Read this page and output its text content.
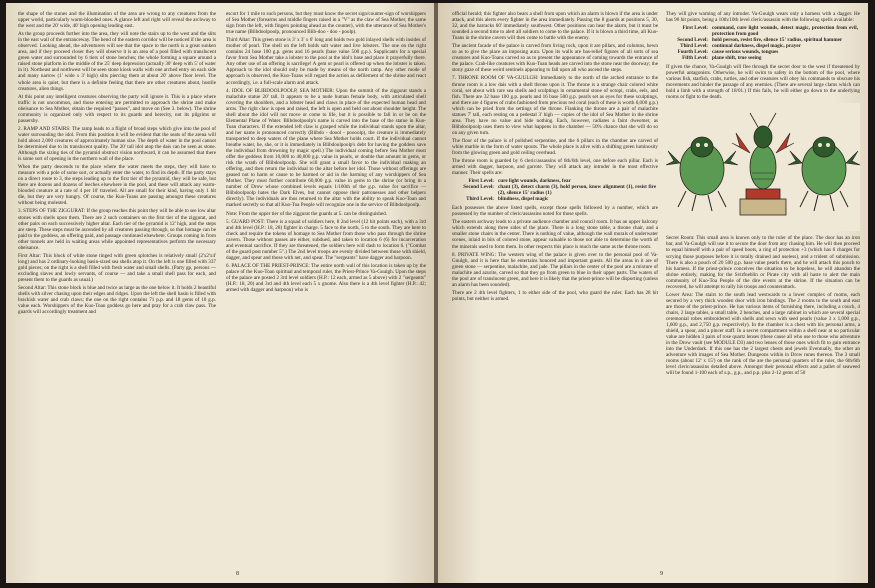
the shape of the stones and the illumination of the area are wrong to any creatures from the upper world, particularly warm-blooded ones. A glance left and right will reveal the archway to the west and the 20' wide, 40' high opening leading east.

As the group proceeds further into the area, they will note the stairs up to the west and the slits in the east wall of the entranceway. The bend of the eastern corridor will be noticed if the area is observed. Looking ahead, the adventurers will see that the space to the north is a great sunken area, and if they proceed closer they will observe it is an area of a pool filled with translucent green water and surrounded by 6 tiers of stone benches; the whole forming a square around a raised stone platform in the middle of the 25' deep depression (actually 30' deep with 5' of water in it). Northeast and northwest will be seen stone kiosk walls with one arched entry on each side and many narrow (1' wide x 3' high) slits piercing them at about 20' above floor level. The whole area is quiet, but there is a definite feeling that there are other creatures about, hostile creatures, alien things.

At this point any intelligent creatures observing the party will ignore it. This is a place where traffic is not uncommon, and those entering are permitted to approach the shrine and make obeisance to Sea Mother, obtain the required "passes", and move on (See 3. below). The shrine community is organized only with respect to its guards and herecity, not its pilgrims or passersby.

2. RAMP AND STAIRS: The ramp leads to a flight of broad steps which give into the pool of water surrounding the idol. From this position it will be evident that the seats of the arena will hold about 2,000 creatures of approximately human size. The depth of water in the pool cannot be determined due to its translucent quality. The 20' tall idol atop the dais can be seen as stone. Although the sizing ties of the pyramid obstruct vision northward, it can be assumed that there is some sort of opening in the northern wall of the place.

When the party descends to the place where the water meets the steps, they will have to measure with a pole of some sort, or actually enter the water, to find its depth. If the party stays on a direct route to 3, the steps leading up to the first tier of the pyramid, they will be safe, but there are dozens and dozens of leeches elsewhere in the pool, and these will attack any warm-blooded creature at a rate of 4 per 10' traveled. All are small for their kind, having only 1 hit die, but they are very hungry. Of course, the Kuo-Toans are passing amongst these creatures without being molested.

3. STEPS OF THE ZIGGURAT: If the group reaches this point they will be able to see low altar stones with shells upon them. There are 2 such containers on the first tier of the ziggurat, and other pairs on each successively higher altar. Each tier of the pyramid is 12' high, and the steps are steep. These steps must be ascended by all creatures passing through, so that homage can be paid to the goddess, an offering paid, and passage continued elsewhere. Groups coming in from other tunnels are held in waiting areas while appointed representatives perform the necessary obeisance.

First Altar: This block of white stone tinged with green splotches is relatively small (2'x2'x4' long) and has 2 ordinary-looking basin-sized sea shells atop it. On the left is one filled with 337 gold pieces; on the right is a shell filled with fresh water and small shells. (Party gp, persons — excluding slaves and lowly servants, of course — and take a small shell pass for each, and present them to the guards as usual.)

Second Altar: This stone block is blue and twice as large as the one below it. It holds 2 beautiful shells with silver chasing upon their edges and ridges. Upon the left the shell basin is filled with brackish water and crab claws; the one on the right contains 71 p.p. and 18 gems of 10 g.p. value each. Worshippers of the Kuo-Toan goddess go here and pray for a crab claw pass. The guards will accordingly treatment and

escort for 1 mile to such persons, but they must know the secret sign/counter-sign of worshippers of Sea Mother (forearms and middle fingers raised in a "V" as the claw of Sea Mother, the same sign from the left, with fingers pointing ahead as the counter), with the utterance of Sea Mother's true name (Blibdoolpoolp, pronounced Blib-doo - doo - poolp).

Third Altar: This green stone is 3' x 3' x 6' long and holds two gold inlayed shells with insides of mother of pearl. The shell on the left holds salt water and live lobsters. The one on the right contains 24 base 100 g.p. gems and 16 pearls (base value 500 g.p.). Supplicants for a special favor from Sea Mother take a lobster to the pool at the idol's base and place it prayerfully there. Any other use of an offering is sacrilege! A gem or pearl is offered up when the lobster is taken. Approach to the idol should only be made by means of the north ramp. Any other mode of approach is observed, the Kuo-Toans will regard the action as defilement of the shrine and react accordingly, i.e. a full-scale alarm and attack.

4. IDOL OF BLIBDOOLPOOLP, SEA MOTHER: Upon the summit of the ziggurat stands a malachite statue 20' tall. It appears to be a nude human female body, with articulated shell covering the shoulders, and a lobster head and claws in place of the expected human head and arms. The right claw is open and raised, the left is open and held out about shoulder height. The shell about the idol will not move or come to life, but it is possible to fall in or be on the Elemental Plane of Water. Blibdoolpoolp's name is carved into the base of the statue in Kuo-Toan characters. If the extended left claw is grasped while the individual stands upon the altar, and her name is pronounced correctly (Blibdo - doool - poooolp), the creature is immediately transported to deep waters of the plane where Sea Mother holds court. If the individual cannot breathe water, he, she, or it is immediately in Blibdoolpoolp's debt for having the goddess save the individual from drowning by magic spell.) The individual coming before Sea Mother must offer the goddess from 10,000 to 40,000 g.p. value in pearls, or double that amount in gems, or risk the wrath of Blibdoolpoolp. She will grant a small favor to the individual making an offering, and then return the individual to the altar before her idol. Those without offerings are geased not to harm or cause to be harmed or aid in the harming of any worshippers of Sea Mother. They must further contribute 60,000 g.p. value in gems to the shrine (or bring in a number of Drow whose combined levels equals 1/100th of the g.p. value for sacrifice — Blibdoolpoolp hates the Dark Elves, but cannot oppose their patronesses and other helpers directly). The individuals are thus returned to the altar with the ability to speak Kuo-Toan and marked secretly so that all Kuo-Toa People will recognize one in the service of Blibdoolpoolp.

Note: From the upper tier of the ziggurat the guards at 5. can be distinguished.

5. GUARD POST: There is a squad of soldiers here, 8 2nd level (12 hit points each), with a 3rd and 4th level (H.P.: 18, 28) fighter in charge. 5 face to the north, 5 to the south. They are here to check and require the tokens of homage to Sea Mother from those who pass through the shrine cavern. Those without passes are either, subdued, and taken to location 6 (6) for incarceration and eventual sacrifice. If they are threatened, the soldiers here will dash to location 6. ("Combat of the guard post number 5".) The 2nd level troops are evenly divided between those with shield, dagger, and spear and those with net, and spear. The "sergeants" have dagger and harpoon.

6. PALACE OF THE PRIEST-PRINCE: The entire north wall of this location is taken up by the palace of the Kuo-Toan spiritual and temporal ruler, the Priest-Prince Va-Guulgh. Upon the steps of the palace are posted 2 3rd level soldiers (H.P.: 12 each, armed as 5 above) with 2 "sergeants" (H.P.: 18, 20) and 3rd and 4th level each 5 x gnome. Also there is a 4th level fighter (H.P.: 42; armed with dagger and harpoon) who is

8

official herald; this fighter also bears a shell from upon which an alarm is blown if the area is under attack, and this alerts every fighter in the area immediately. Passing the 8 guards at positions 5, 30, 32, and the barracks 60' immediately southwest. Other positions can hear the alarm, but it must be sounded a second time to alert all soldiers to come to the palace. If it is blown a third time, all Kuo-Toans in the shrine cavern will then come to battle with the enemy.

The ancient facade of the palace is carved from living rock, upon it are pillars, and columns, hewn so as to give the place an imposing aura. Upon its walls are bas-relief figures of all sorts of sea creatures and Kuo-Toans carved so as to present the appearance of coming towards the entrance of the palace. Crab-like creatures with Kuo-Toan heads are carved into the stone near the doorway; the stony gaze of these weird sentinels appearing to fall upon all who ascend the steps.

7. THRONE ROOM OF VA-GUULGH: Immediately to the north of the arched entrance to the throne room is a low dais with a shell throne upon it. The throne is a strange chair colored white coral, set about with rare sea shells and sculptings in ornamental stone of octopi, crabs, eels, and fish. There are 32 base 100 g.p. pearls and 16 base 500 g.p. pearls set as eyes for these sculptings, and there are 4 figures of crabs fashioned from precious red coral (each of these is worth 6,000 g.p.) which can be pried from the settings of the throne. Flanking the throne are a pair of malachite statues 7' tall, each resting on a pedestal 3' high — copies of the idol of Sea Mother in the shrine area. They have no value and hide nothing. Each, however, radiates a faint dweomer, as Blibdoolpoolp uses them to view what happens in the chamber — 50% chance that she will do so on any given turn.

The floor of the palace is of polished serpentine, and the 6 pillars in the chamber are carved of white marble in the form of water spouts. The whole place is alive with a shifting green luminosity from the glowing green and gold ceiling overhead.

The throne room is guarded by 6 cleric/assassins of 6th/6th level, one before each pillar. Each is armed with dagger, harpoon, and garrote. They will attack any intruder in the most effective manner. Their spells are:

First Level:	cure light wounds, darkness, fear
Second Level:	chant (3), detect charm (3), hold person, know alignment (1), resist fire (2), silence 15' radius (1)
Third Level:	blindness, dispel magic

Each possesses the above listed spells, except those spells followed by a number, which are possessed by the number of cleric/assassins noted for those spells.

The eastern archway leads to a private audience chamber and council room. It has an upper balcony which extends along three sides of the place. There is a long stone table, a throne chair, and a smaller stone chairs in the center. There is nothing of value, although the wall murals of underwater scenes, inlaid in bits of colored stone, appear valuable to those not able to determine the worth of the minerals used to form them. In other respects this place is much the same as the throne room.

8. PRIVATE WING: The western wing of the palace is given over to the personal pool of Va-Guulgh, and it is here that he entertains honored and important guests. All the areas in it are of green stone — serpentine, malachite, and jade. The pillars in the center of the pool are a mixture of malachite and azurite, carved so that they go from green to blue in their upper parts. The waters of the pool are of translucent green, and here it is likely that the priest-prince will be disporting (unless an alarm has been sounded).

There are 2 4th level fighters, 1 to either side of the pool, who guard the ruler. Each has 28 hit points, but neither is armed.

They will give warning of any intruder. Va-Guulgh wears only a harness with a dagger. He has 90 hit points, being a 10th/10th level cleric/assassin with the following spells available:

First Level:	command, cure light wounds, detect magic, protection from evil, protection from good
Second Level:	hold person, resist fire, silence 15' radius, spiritual hammer
Third Level:	continual darkness, dispel magic, prayer
Fourth Level:	cause serious wounds, tongues
Fifth Level:	plane shift, true seeing

If given the chance, Va-Guulgh will flee through the secret door to the west if threatened by powerful antagonists. Otherwise, he will swim to safety in the bottom of the pool, where various fish, starfish, crabs, turtles, and other creatures will obey his commands to obscure his movements and hinder the passage of any enemies. (There are several large clams which can hold a limb with a strength of 18/01.) If this fails, he will either go down to the underlying rooms or fight to the death.

Secret Room: This small area is known only to the ruler of the place. The door has an iron bar, and Va-Guulgh will use it to secure the door from any chasing him. He will then proceed to equal himself with a pair of speed boots, a ring of protection +3 (which has 6 charges for scrying those purposes before it is totally drained and useless), and a trident of submission. There is also a pouch of 20 500 g.p. base value pearls there, and he will attach this pouch to his harness. If the priest-prince conceives the situation to be hopeless, he will abandon the shrine entirely, making for the Svirfneblin or Pirate city with all haste to alert the main community of Kuo-Toa People of the dire events at the shrine. If the situation can be recovered, he will attempt to rally his troops and counterattack.

Lower Area: The stairs to the south lead westwards to a lower complex of rooms, each secured by a very thick wooden door with iron bindings. The 2 rooms to the south and east are those of the priest-prince. He has various items of furnishing there, including a couch, 4 chairs, 2 large tables, a small table, 2 benches, and a large cabinet in which are several special ceremonial robes embroidered with shells and sewn with seed pearls (value 3 x 1,000 g.p., 1,600 g.p., and 2,750 g.p. respectively). In the chamber is a chest with his personal arms, a shield, a spear, and a pincer staff. In a secret compartment within a shell near at no particular value are hidden 3 pairs of rose quartz lenses (these cause all who use to those who adventure in the Drow vault (see MODULE D3) and two lenses of those ones which fit to gain entrance into the Underdark. If this one has the 2 largest chests and jewels Eventually, the other an adventure with images of Sea Mother. Dungeons within in Drow runes thereon. The 3 small rooms (about 12' x 15') on the rank of the are the personal quarters of the ruler, the 6th/6th level cleric/assassins detailed above. Amongst their personal effects and a pallet of seaweed will be found 1-100 each of s.p., g.p., and p.p. plus 2-12 gems of 50

9
